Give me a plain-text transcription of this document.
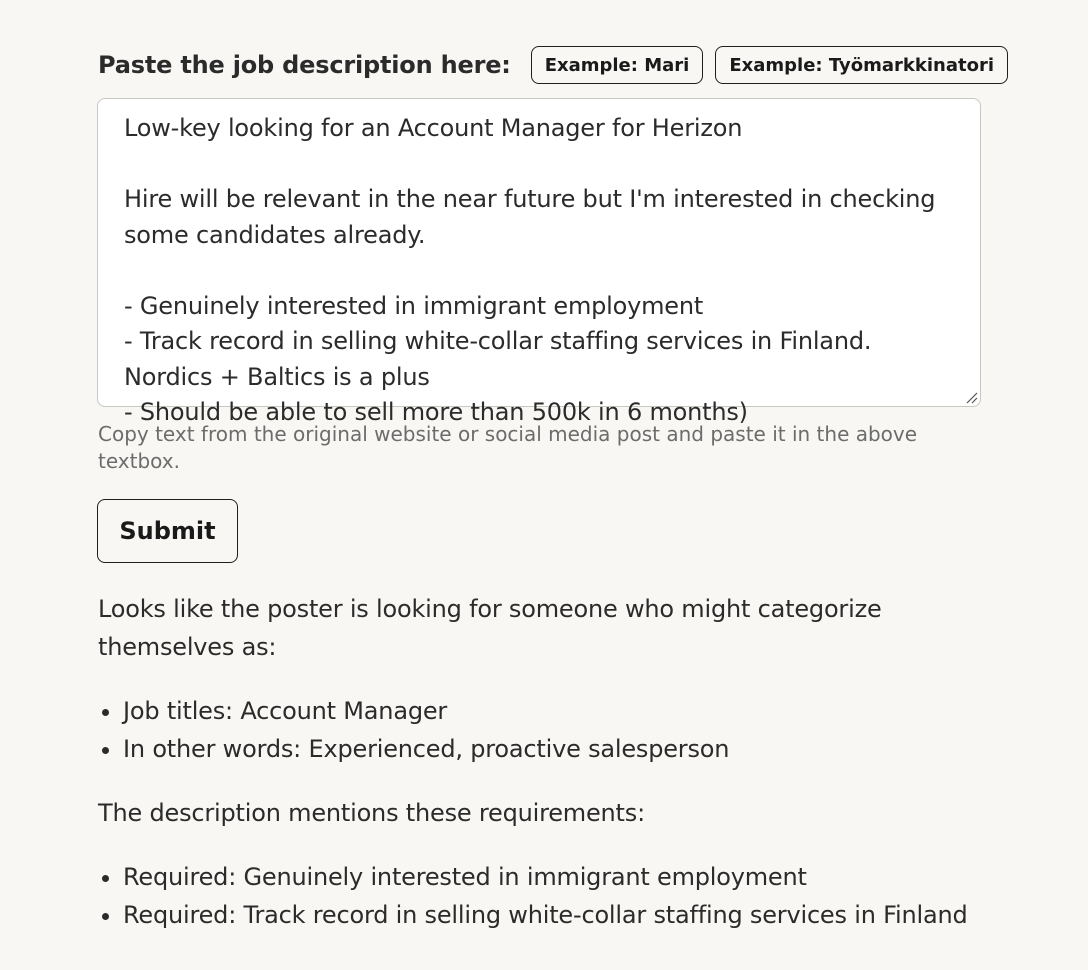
Paste the job description here:	Example: Mari	Example: Työmarkkinatori
Low-key looking for an Account Manager for Herizon

Hire will be relevant in the near future but I'm interested in checking some candidates already.

- Genuinely interested in immigrant employment
- Track record in selling white-collar staffing services in Finland. Nordics + Baltics is a plus
- Should be able to sell more than 500k in 6 months)
Copy text from the original website or social media post and paste it in the above textbox.
Submit

Looks like the poster is looking for someone who might categorize themselves as:

• Job titles: Account Manager
• In other words: Experienced, proactive salesperson

The description mentions these requirements:

• Required: Genuinely interested in immigrant employment
• Required: Track record in selling white-collar staffing services in Finland
